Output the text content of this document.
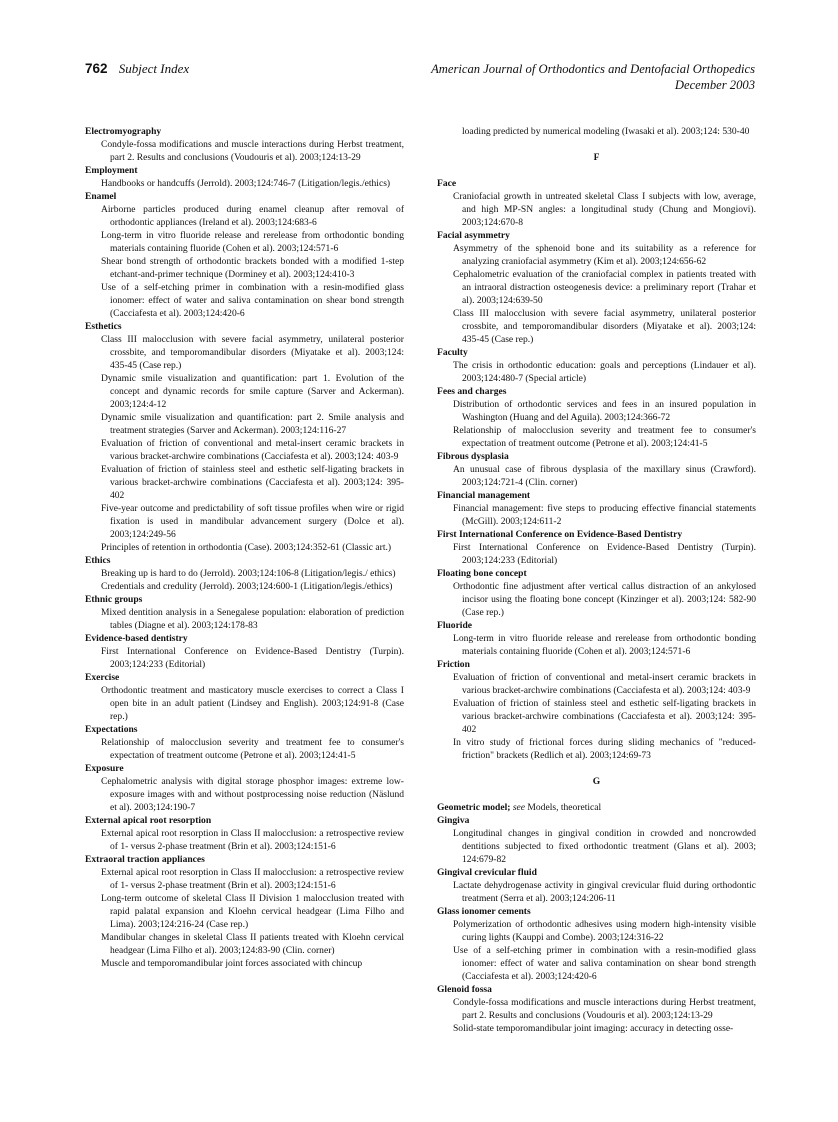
762 Subject Index	American Journal of Orthodontics and Dentofacial Orthopedics
December 2003
Electromyography
Condyle-fossa modifications and muscle interactions during Herbst treatment, part 2. Results and conclusions (Voudouris et al). 2003;124:13-29
Employment
Handbooks or handcuffs (Jerrold). 2003;124:746-7 (Litigation/legis./ethics)
Enamel
Airborne particles produced during enamel cleanup after removal of orthodontic appliances (Ireland et al). 2003;124:683-6
Long-term in vitro fluoride release and rerelease from orthodontic bonding materials containing fluoride (Cohen et al). 2003;124:571-6
Shear bond strength of orthodontic brackets bonded with a modified 1-step etchant-and-primer technique (Dorminey et al). 2003;124:410-3
Use of a self-etching primer in combination with a resin-modified glass ionomer: effect of water and saliva contamination on shear bond strength (Cacciafesta et al). 2003;124:420-6
Esthetics
Class III malocclusion with severe facial asymmetry, unilateral posterior crossbite, and temporomandibular disorders (Miyatake et al). 2003;124: 435-45 (Case rep.)
Dynamic smile visualization and quantification: part 1. Evolution of the concept and dynamic records for smile capture (Sarver and Ackerman). 2003;124:4-12
Dynamic smile visualization and quantification: part 2. Smile analysis and treatment strategies (Sarver and Ackerman). 2003;124:116-27
Evaluation of friction of conventional and metal-insert ceramic brackets in various bracket-archwire combinations (Cacciafesta et al). 2003;124: 403-9
Evaluation of friction of stainless steel and esthetic self-ligating brackets in various bracket-archwire combinations (Cacciafesta et al). 2003;124: 395-402
Five-year outcome and predictability of soft tissue profiles when wire or rigid fixation is used in mandibular advancement surgery (Dolce et al). 2003;124:249-56
Principles of retention in orthodontia (Case). 2003;124:352-61 (Classic art.)
Ethics
Breaking up is hard to do (Jerrold). 2003;124:106-8 (Litigation/legis./ ethics)
Credentials and credulity (Jerrold). 2003;124:600-1 (Litigation/legis./ethics)
Ethnic groups
Mixed dentition analysis in a Senegalese population: elaboration of prediction tables (Diagne et al). 2003;124:178-83
Evidence-based dentistry
First International Conference on Evidence-Based Dentistry (Turpin). 2003;124:233 (Editorial)
Exercise
Orthodontic treatment and masticatory muscle exercises to correct a Class I open bite in an adult patient (Lindsey and English). 2003;124:91-8 (Case rep.)
Expectations
Relationship of malocclusion severity and treatment fee to consumer's expectation of treatment outcome (Petrone et al). 2003;124:41-5
Exposure
Cephalometric analysis with digital storage phosphor images: extreme low-exposure images with and without postprocessing noise reduction (Näslund et al). 2003;124:190-7
External apical root resorption
External apical root resorption in Class II malocclusion: a retrospective review of 1- versus 2-phase treatment (Brin et al). 2003;124:151-6
Extraoral traction appliances
External apical root resorption in Class II malocclusion: a retrospective review of 1- versus 2-phase treatment (Brin et al). 2003;124:151-6
Long-term outcome of skeletal Class II Division 1 malocclusion treated with rapid palatal expansion and Kloehn cervical headgear (Lima Filho and Lima). 2003;124:216-24 (Case rep.)
Mandibular changes in skeletal Class II patients treated with Kloehn cervical headgear (Lima Filho et al). 2003;124:83-90 (Clin. corner)
Muscle and temporomandibular joint forces associated with chincup
loading predicted by numerical modeling (Iwasaki et al). 2003;124: 530-40
F
Face
Craniofacial growth in untreated skeletal Class I subjects with low, average, and high MP-SN angles: a longitudinal study (Chung and Mongiovi). 2003;124:670-8
Facial asymmetry
Asymmetry of the sphenoid bone and its suitability as a reference for analyzing craniofacial asymmetry (Kim et al). 2003;124:656-62
Cephalometric evaluation of the craniofacial complex in patients treated with an intraoral distraction osteogenesis device: a preliminary report (Trahar et al). 2003;124:639-50
Class III malocclusion with severe facial asymmetry, unilateral posterior crossbite, and temporomandibular disorders (Miyatake et al). 2003;124: 435-45 (Case rep.)
Faculty
The crisis in orthodontic education: goals and perceptions (Lindauer et al). 2003;124:480-7 (Special article)
Fees and charges
Distribution of orthodontic services and fees in an insured population in Washington (Huang and del Aguila). 2003;124:366-72
Relationship of malocclusion severity and treatment fee to consumer's expectation of treatment outcome (Petrone et al). 2003;124:41-5
Fibrous dysplasia
An unusual case of fibrous dysplasia of the maxillary sinus (Crawford). 2003;124:721-4 (Clin. corner)
Financial management
Financial management: five steps to producing effective financial statements (McGill). 2003;124:611-2
First International Conference on Evidence-Based Dentistry
First International Conference on Evidence-Based Dentistry (Turpin). 2003;124:233 (Editorial)
Floating bone concept
Orthodontic fine adjustment after vertical callus distraction of an ankylosed incisor using the floating bone concept (Kinzinger et al). 2003;124: 582-90 (Case rep.)
Fluoride
Long-term in vitro fluoride release and rerelease from orthodontic bonding materials containing fluoride (Cohen et al). 2003;124:571-6
Friction
Evaluation of friction of conventional and metal-insert ceramic brackets in various bracket-archwire combinations (Cacciafesta et al). 2003;124: 403-9
Evaluation of friction of stainless steel and esthetic self-ligating brackets in various bracket-archwire combinations (Cacciafesta et al). 2003;124: 395-402
In vitro study of frictional forces during sliding mechanics of "reduced-friction" brackets (Redlich et al). 2003;124:69-73
G
Geometric model; see Models, theoretical
Gingiva
Longitudinal changes in gingival condition in crowded and noncrowded dentitions subjected to fixed orthodontic treatment (Glans et al). 2003; 124:679-82
Gingival crevicular fluid
Lactate dehydrogenase activity in gingival crevicular fluid during orthodontic treatment (Serra et al). 2003;124:206-11
Glass ionomer cements
Polymerization of orthodontic adhesives using modern high-intensity visible curing lights (Kauppi and Combe). 2003;124:316-22
Use of a self-etching primer in combination with a resin-modified glass ionomer: effect of water and saliva contamination on shear bond strength (Cacciafesta et al). 2003;124:420-6
Glenoid fossa
Condyle-fossa modifications and muscle interactions during Herbst treatment, part 2. Results and conclusions (Voudouris et al). 2003;124:13-29
Solid-state temporomandibular joint imaging: accuracy in detecting osse-
